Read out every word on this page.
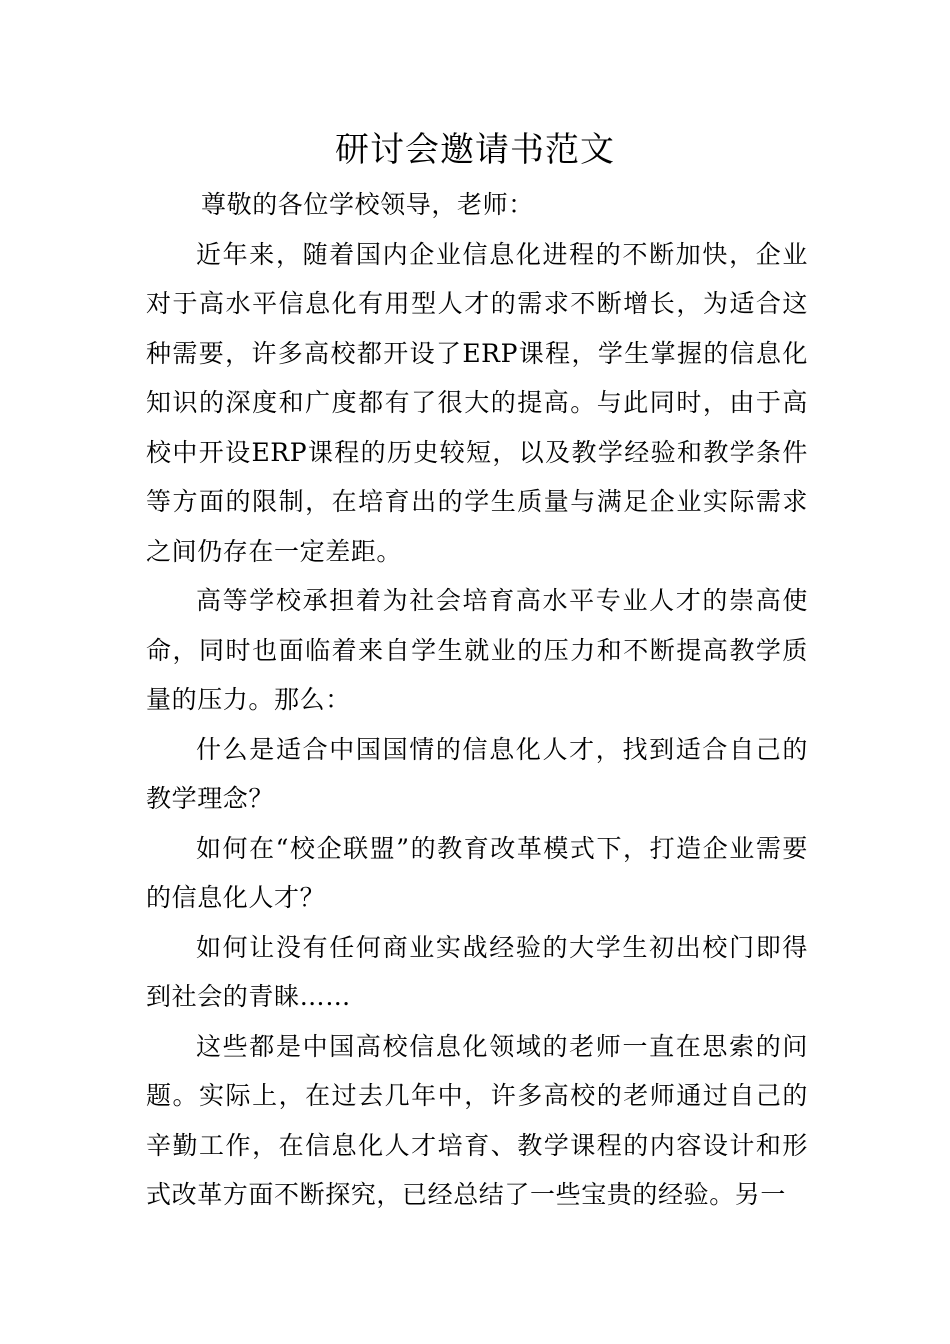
研讨会邀请书范文

尊敬的各位学校领导，老师：

近年来，随着国内企业信息化进程的不断加快，企业对于高水平信息化有用型人才的需求不断增长，为适合这种需要，许多高校都开设了ERP课程，学生掌握的信息化知识的深度和广度都有了很大的提高。与此同时，由于高校中开设ERP课程的历史较短，以及教学经验和教学条件等方面的限制，在培育出的学生质量与满足企业实际需求之间仍存在一定差距。

高等学校承担着为社会培育高水平专业人才的崇高使命，同时也面临着来自学生就业的压力和不断提高教学质量的压力。那么：

什么是适合中国国情的信息化人才，找到适合自己的教学理念？

如何在“校企联盟”的教育改革模式下，打造企业需要的信息化人才？

如何让没有任何商业实战经验的大学生初出校门即得到社会的青睐……

这些都是中国高校信息化领域的老师一直在思索的问题。实际上，在过去几年中，许多高校的老师通过自己的辛勤工作，在信息化人才培育、教学课程的内容设计和形式改革方面不断探究，已经总结了一些宝贵的经验。另一
